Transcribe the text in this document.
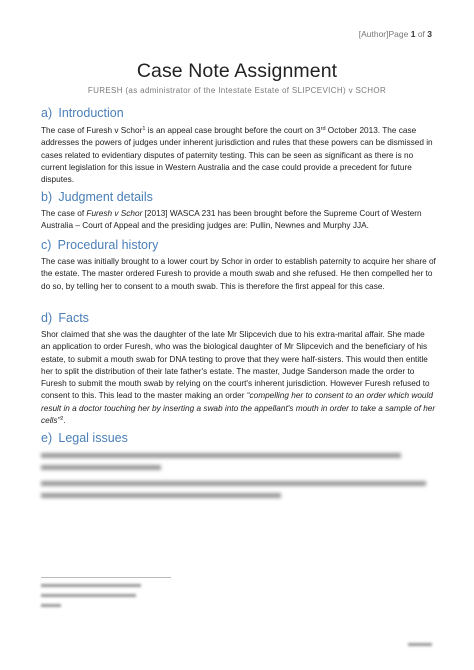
[Author]Page 1 of 3
Case Note Assignment
FURESH (as administrator of the Intestate Estate of SLIPCEVICH) v SCHOR
a) Introduction

The case of Furesh v Schor$^1$ is an appeal case brought before the court on 3rd October 2013. The case addresses the powers of judges under inherent jurisdiction and rules that these powers can be dismissed in cases related to evidentiary disputes of paternity testing. This can be seen as significant as there is no current legislation for this issue in Western Australia and the case could provide a precedent for future disputes.

b) Judgment details

The case of Furesh v Schor [2013] WASCA 231 has been brought before the Supreme Court of Western Australia – Court of Appeal and the presiding judges are: Pullin, Newnes and Murphy JJA.

c) Procedural history

The case was initially brought to a lower court by Schor in order to establish paternity to acquire her share of the estate. The master ordered Furesh to provide a mouth swab and she refused. He then compelled her to do so, by telling her to consent to a mouth swab. This is therefore the first appeal for this case.

d) Facts

Shor claimed that she was the daughter of the late Mr Slipcevich due to his extra-marital affair. She made an application to order Furesh, who was the biological daughter of Mr Slipcevich and the beneficiary of his estate, to submit a mouth swab for DNA testing to prove that they were half-sisters. This would then entitle her to split the distribution of their late father's estate. The master, Judge Sanderson made the order to Furesh to submit the mouth swab by relying on the court's inherent jurisdiction. However Furesh refused to consent to this. This lead to the master making an order “compelling her to consent to an order which would result in a doctor touching her by inserting a swab into the appellant's mouth in order to take a sample of her cells”$^2$.

e) Legal issues
